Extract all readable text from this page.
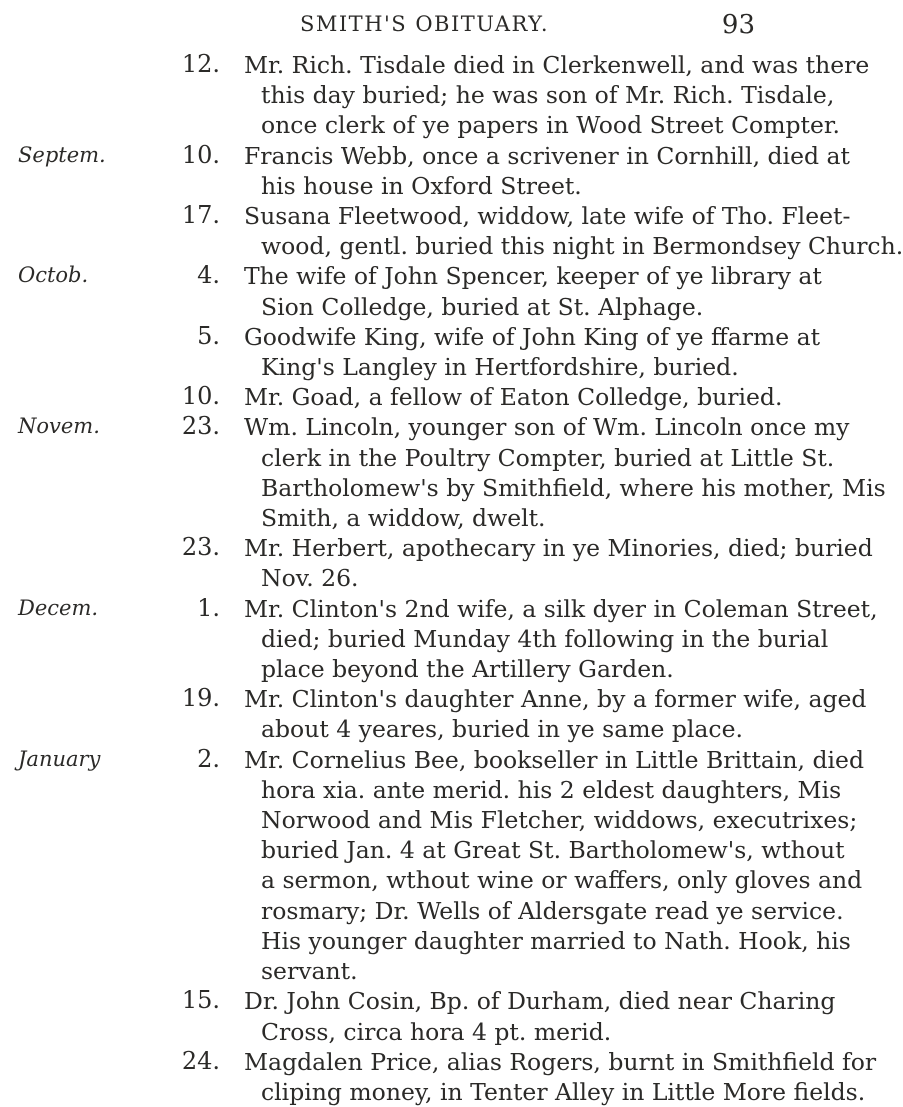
SMITH'S OBITUARY.	93
12. Mr. Rich. Tisdale died in Clerkenwell, and was there
this day buried; he was son of Mr. Rich. Tisdale,
once clerk of ye papers in Wood Street Compter.
Septem.	10. Francis Webb, once a scrivener in Cornhill, died at
his house in Oxford Street.
17. Susana Fleetwood, widdow, late wife of Tho. Fleet-
wood, gentl. buried this night in Bermondsey Church.
Octob.	4. The wife of John Spencer, keeper of ye library at
Sion Colledge, buried at St. Alphage.
5. Goodwife King, wife of John King of ye ffarme at
King's Langley in Hertfordshire, buried.
10. Mr. Goad, a fellow of Eaton Colledge, buried.
Novem.	23. Wm. Lincoln, younger son of Wm. Lincoln once my
clerk in the Poultry Compter, buried at Little St.
Bartholomew's by Smithfield, where his mother, Mis
Smith, a widdow, dwelt.
23. Mr. Herbert, apothecary in ye Minories, died; buried
Nov. 26.
Decem.	1. Mr. Clinton's 2nd wife, a silk dyer in Coleman Street,
died; buried Munday 4th following in the burial
place beyond the Artillery Garden.
19. Mr. Clinton's daughter Anne, by a former wife, aged
about 4 yeares, buried in ye same place.
January	2. Mr. Cornelius Bee, bookseller in Little Brittain, died
hora xia. ante merid. his 2 eldest daughters, Mis
Norwood and Mis Fletcher, widdows, executrixes;
buried Jan. 4 at Great St. Bartholomew's, wthout
a sermon, wthout wine or waffers, only gloves and
rosmary; Dr. Wells of Aldersgate read ye service.
His younger daughter married to Nath. Hook, his
servant.
15. Dr. John Cosin, Bp. of Durham, died near Charing
Cross, circa hora 4 pt. merid.
24. Magdalen Price, alias Rogers, burnt in Smithfield for
cliping money, in Tenter Alley in Little More fields.
